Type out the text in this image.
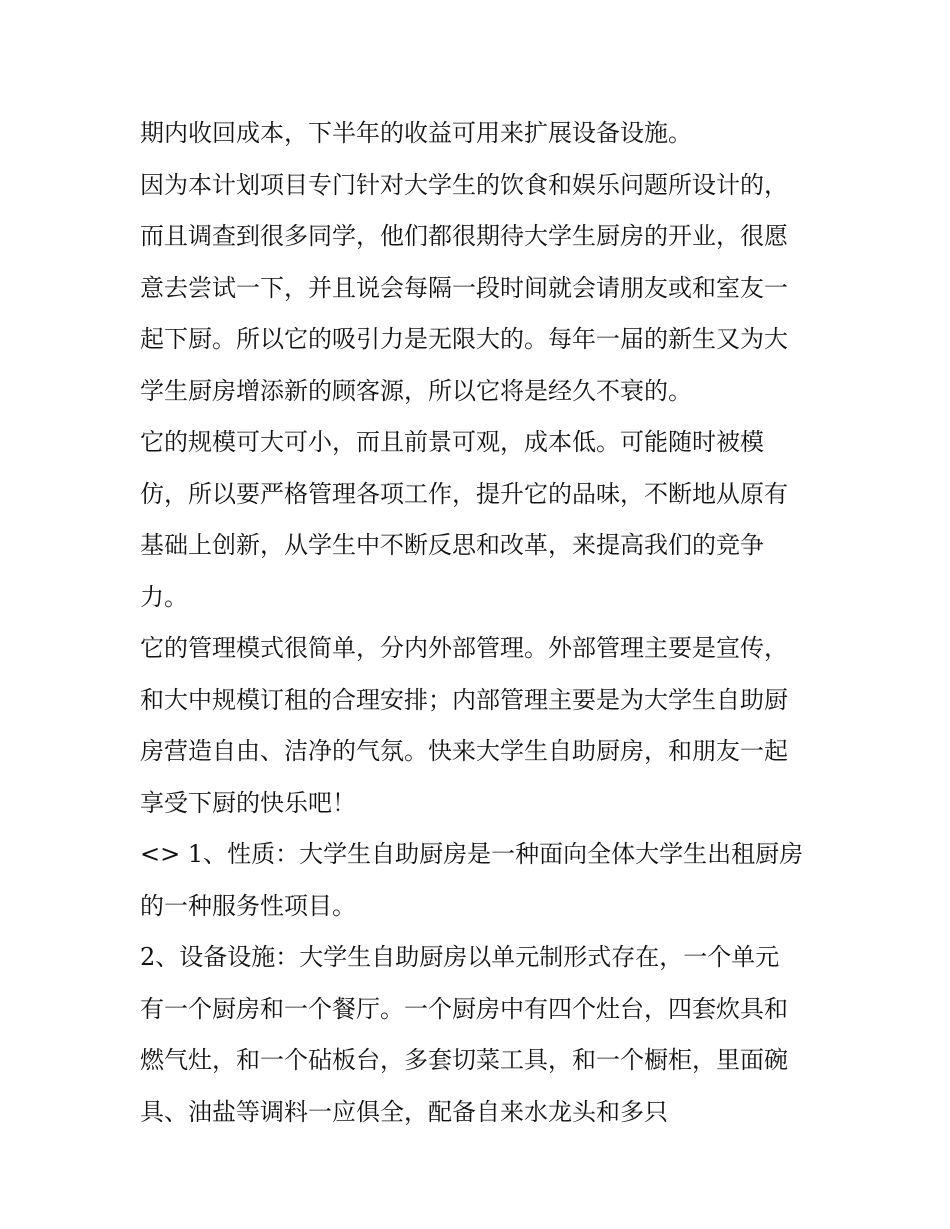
期内收回成本，下半年的收益可用来扩展设备设施。

因为本计划项目专门针对大学生的饮食和娱乐问题所设计的，

而且调查到很多同学，他们都很期待大学生厨房的开业，很愿

意去尝试一下，并且说会每隔一段时间就会请朋友或和室友一

起下厨。所以它的吸引力是无限大的。每年一届的新生又为大

学生厨房增添新的顾客源，所以它将是经久不衰的。

它的规模可大可小，而且前景可观，成本低。可能随时被模

仿，所以要严格管理各项工作，提升它的品味，不断地从原有

基础上创新，从学生中不断反思和改革，来提高我们的竞争

力。

它的管理模式很简单，分内外部管理。外部管理主要是宣传，

和大中规模订租的合理安排；内部管理主要是为大学生自助厨

房营造自由、洁净的气氛。快来大学生自助厨房，和朋友一起

享受下厨的快乐吧！

<> 1、性质：大学生自助厨房是一种面向全体大学生出租厨房

的一种服务性项目。

2、设备设施：大学生自助厨房以单元制形式存在，一个单元

有一个厨房和一个餐厅。一个厨房中有四个灶台，四套炊具和

燃气灶，和一个砧板台，多套切菜工具，和一个橱柜，里面碗

具、油盐等调料一应俱全，配备自来水龙头和多只
